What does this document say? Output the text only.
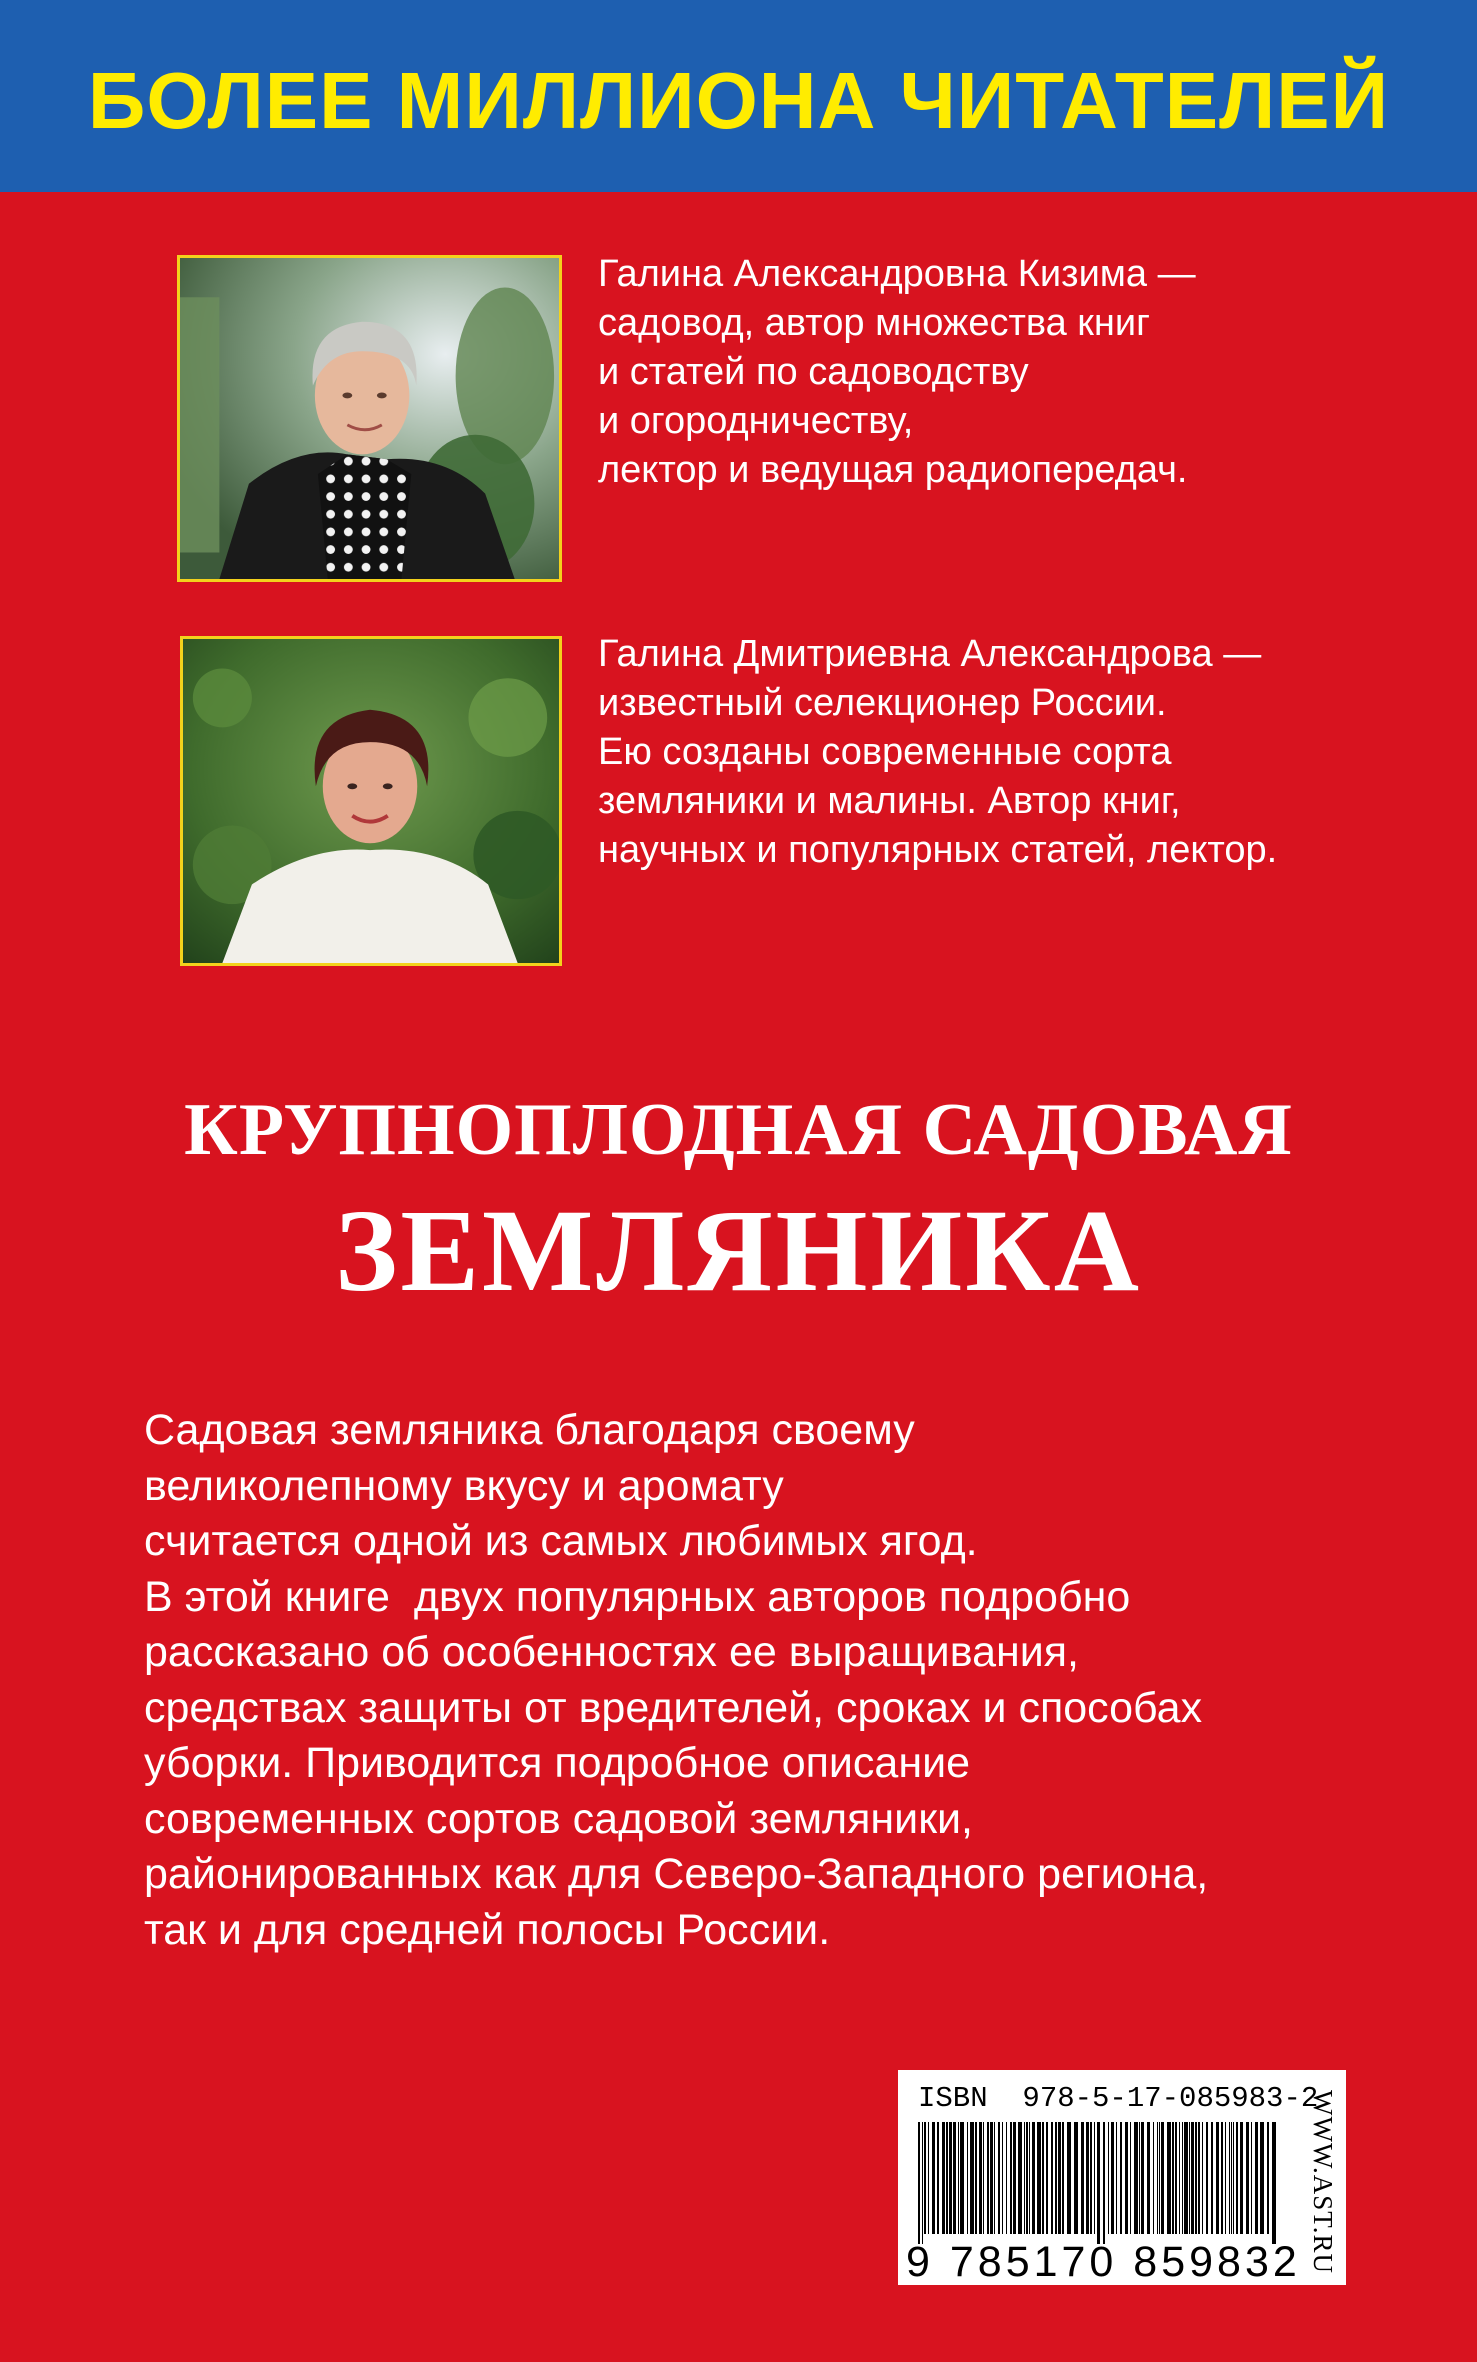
БОЛЕЕ МИЛЛИОНА ЧИТАТЕЛЕЙ
Галина Александровна Кизима —
садовод, автор множества книг
и статей по садоводству
и огородничеству,
лектор и ведущая радиопередач.
Галина Дмитриевна Александрова —
известный селекционер России.
Ею созданы современные сорта
земляники и малины. Автор книг,
научных и популярных статей, лектор.
КРУПНОПЛОДНАЯ САДОВАЯ
ЗЕМЛЯНИКА
Садовая земляника благодаря своему
великолепному вкусу и аромату
считается одной из самых любимых ягод.
В этой книге  двух популярных авторов подробно
рассказано об особенностях ее выращивания,
средствах защиты от вредителей, сроках и способах
уборки. Приводится подробное описание
современных сортов садовой земляники,
районированных как для Северо-Западного региона,
так и для средней полосы России.
ISBN  978-5-17-085983-2
9 785170 859832 WWW.AST.RU
